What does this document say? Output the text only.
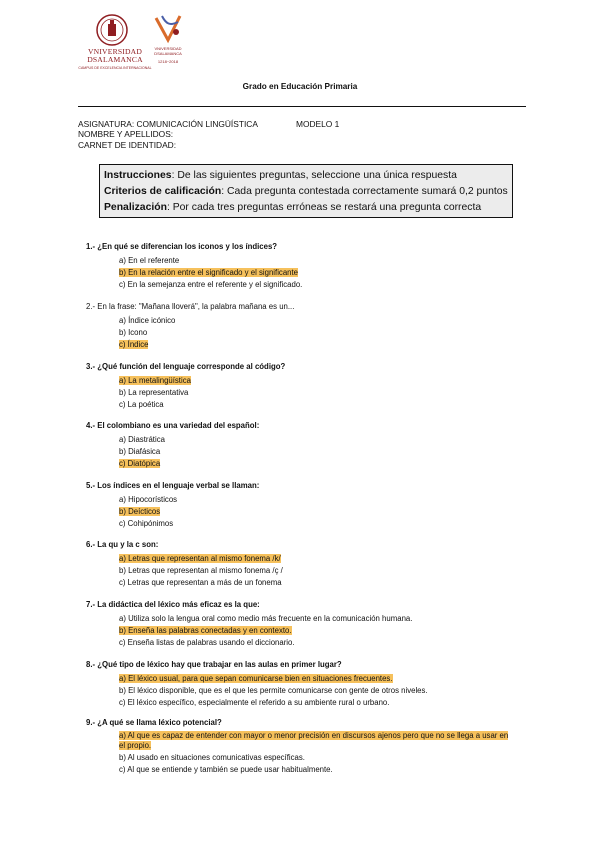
VNIVERSIDAD
DSALAMANCA
CAMPUS DE EXCELENCIA INTERNACIONAL
VNIVERSIDAD
DSALAMANCA
1218~2018
Grado en Educación Primaria
ASIGNATURA: COMUNICACIÓN LINGÜÍSTICA	MODELO 1
NOMBRE Y APELLIDOS:
CARNET DE IDENTIDAD:
Instrucciones: De las siguientes preguntas, seleccione una única respuesta
Criterios de calificación: Cada pregunta contestada correctamente sumará 0,2 puntos
Penalización: Por cada tres preguntas erróneas se restará una pregunta correcta
1.- ¿En qué se diferencian los iconos y los índices?
a) En el referente
b) En la relación entre el significado y el significante
c) En la semejanza entre el referente y el significado.
2.- En la frase: "Mañana lloverá", la palabra mañana es un...
a) Índice icónico
b) Icono
c) Índice
3.- ¿Qué función del lenguaje corresponde al código?
a) La metalingüística
b) La representativa
c) La poética
4.- El colombiano es una variedad del español:
a) Diastrática
b) Diafásica
c) Diatópica
5.- Los índices en el lenguaje verbal se llaman:
a) Hipocorísticos
b) Deícticos
c) Cohipónimos
6.- La qu y la c son:
a) Letras que representan al mismo fonema /k/
b) Letras que representan al mismo fonema /ç /
c) Letras que representan a más de un fonema
7.- La didáctica del léxico más eficaz es la que:
a) Utiliza solo la lengua oral como medio más frecuente en la comunicación humana.
b) Enseña las palabras conectadas y en contexto.
c) Enseña listas de palabras usando el diccionario.
8.- ¿Qué tipo de léxico hay que trabajar en las aulas en primer lugar?
a) El léxico usual, para que sepan comunicarse bien en situaciones frecuentes.
b) El léxico disponible, que es el que les permite comunicarse con gente de otros niveles.
c) El léxico específico, especialmente el referido a su ambiente rural o urbano.
9.- ¿A qué se llama léxico potencial?
a) Al que es capaz de entender con mayor o menor precisión en discursos ajenos pero que no se llega a usar en el propio.
b) Al usado en situaciones comunicativas específicas.
c) Al que se entiende y también se puede usar habitualmente.
